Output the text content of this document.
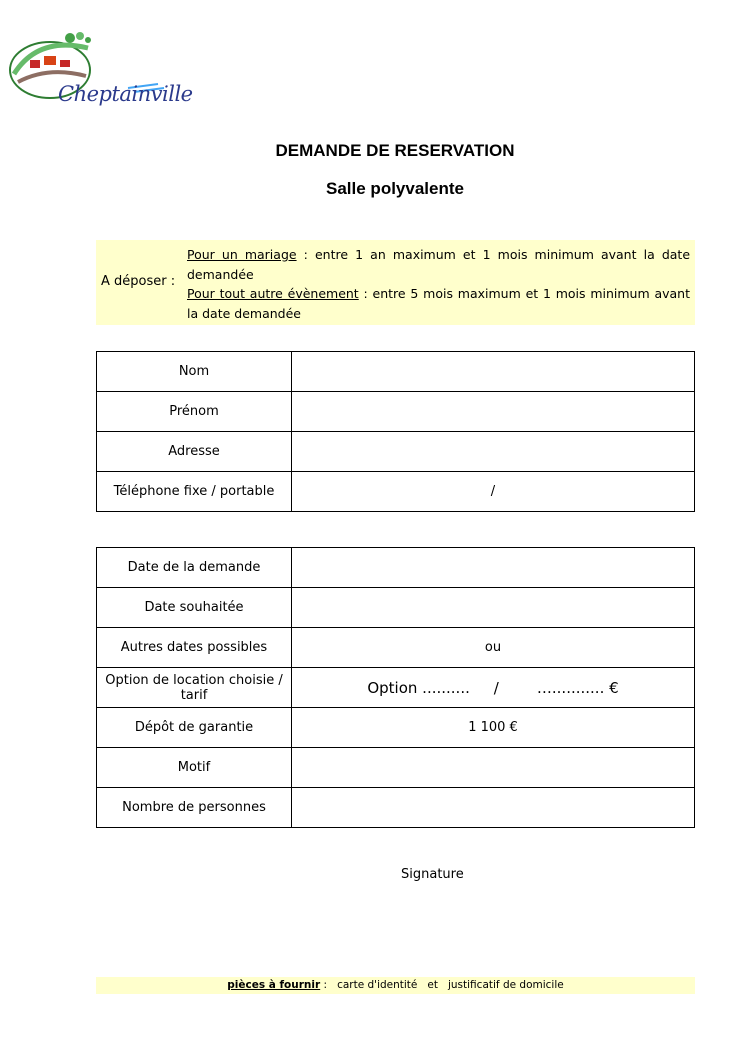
Cheptainville
DEMANDE DE RESERVATION
Salle polyvalente
A déposer :
Pour un mariage : entre 1 an maximum et 1 mois minimum avant la date demandée
Pour tout autre évènement : entre 5 mois maximum et 1 mois minimum avant la date demandée
Nom	
Prénom	
Adresse	
Téléphone fixe / portable	/
Date de la demande	
Date souhaitée	
Autres dates possibles	ou
Option de location choisie / tarif	Option ..........     /        …........... €
Dépôt de garantie	1 100 €
Motif	
Nombre de personnes	
Signature
pièces à fournir :   carte d'identité   et   justificatif de domicile
